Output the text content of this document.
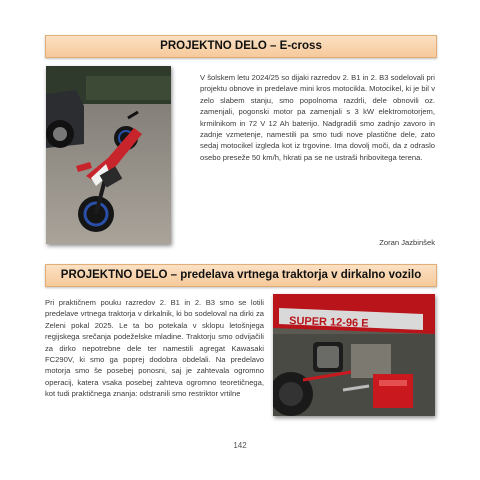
PROJEKTNO DELO – E-cross

V šolskem letu 2024/25 so dijaki razredov 2. B1 in 2. B3 sodelovali pri projektu obnove in predelave mini kros motocikla. Motocikel, ki je bil v zelo slabem stanju, smo popolnoma razdrli, dele obnovili oz. zamenjali, pogonski motor pa zamenjali s 3 kW elektromotorjem, krmilnikom in 72 V 12 Ah baterijo. Nadgradili smo zadnjo zavoro in zadnje vzmetenje, namestili pa smo tudi nove plastične dele, zato sedaj motocikel izgleda kot iz trgovine. Ima dovolj moči, da z odraslo osebo preseže 50 km/h, hkrati pa se ne ustraši hribovitega terena.

Zoran Jazbinšek
PROJEKTNO DELO – predelava vrtnega traktorja v dirkalno vozilo

Pri praktičnem pouku razredov 2. B1 in 2. B3 smo se lotili predelave vrtnega traktorja v dirkalnik, ki bo sodeloval na dirki za Zeleni pokal 2025. Le ta bo potekala v sklopu letošnjega regijskega srečanja podeželske mladine. Traktorju smo odvijačili za dirko nepotrebne dele ter namestili agregat Kawasaki FC290V, ki smo ga poprej dodobra obdelali. Na predelavo motorja smo še posebej ponosni, saj je zahtevala ogromno operacij, katera vsaka posebej zahteva ogromno teoretičnega, kot tudi praktičnega znanja: odstranili smo restriktor vrtilne

SUPER 12-96 E
142
